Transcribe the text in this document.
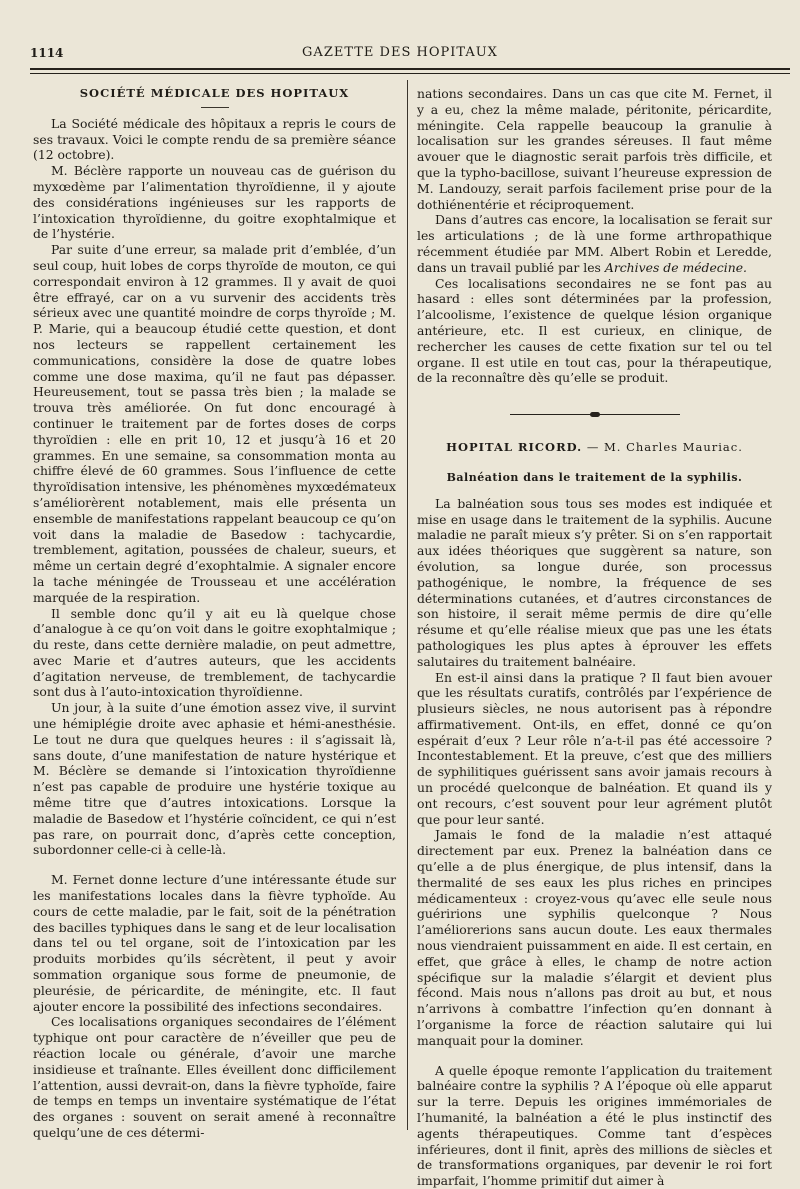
1114	GAZETTE DES HOPITAUX
SOCIÉTÉ MÉDICALE DES HOPITAUX

La Société médicale des hôpitaux a repris le cours de ses travaux. Voici le compte rendu de sa première séance (12 octobre).

M. Béclère rapporte un nouveau cas de guérison du myxœdème par l’alimentation thyroïdienne, il y ajoute des considérations ingénieuses sur les rapports de l’intoxication thyroïdienne, du goitre exophtalmique et de l’hystérie.

Par suite d’une erreur, sa malade prit d’emblée, d’un seul coup, huit lobes de corps thyroïde de mouton, ce qui correspondait environ à 12 grammes. Il y avait de quoi être effrayé, car on a vu survenir des accidents très sérieux avec une quantité moindre de corps thyroïde ; M. P. Marie, qui a beaucoup étudié cette question, et dont nos lecteurs se rappellent certainement les communications, considère la dose de quatre lobes comme une dose maxima, qu’il ne faut pas dépasser. Heureusement, tout se passa très bien ; la malade se trouva très améliorée. On fut donc encouragé à continuer le traitement par de fortes doses de corps thyroïdien : elle en prit 10, 12 et jusqu’à 16 et 20 grammes. En une semaine, sa consommation monta au chiffre élevé de 60 grammes. Sous l’influence de cette thyroïdisation intensive, les phénomènes myxœdémateux s’améliorèrent notablement, mais elle présenta un ensemble de manifestations rappelant beaucoup ce qu’on voit dans la maladie de Basedow : tachycardie, tremblement, agitation, poussées de chaleur, sueurs, et même un certain degré d’exophtalmie. A signaler encore la tache méningée de Trousseau et une accélération marquée de la respiration.

Il semble donc qu’il y ait eu là quelque chose d’analogue à ce qu’on voit dans le goitre exophtalmique ; du reste, dans cette dernière maladie, on peut admettre, avec Marie et d’autres auteurs, que les accidents d’agitation nerveuse, de tremblement, de tachycardie sont dus à l’auto-intoxication thyroïdienne.

Un jour, à la suite d’une émotion assez vive, il survint une hémiplégie droite avec aphasie et hémi-anesthésie. Le tout ne dura que quelques heures : il s’agissait là, sans doute, d’une manifestation de nature hystérique et M. Béclère se demande si l’intoxication thyroïdienne n’est pas capable de produire une hystérie toxique au même titre que d’autres intoxications. Lorsque la maladie de Basedow et l’hystérie coïncident, ce qui n’est pas rare, on pourrait donc, d’après cette conception, subordonner celle-ci à celle-là.

M. Fernet donne lecture d’une intéressante étude sur les manifestations locales dans la fièvre typhoïde. Au cours de cette maladie, par le fait, soit de la pénétration des bacilles typhiques dans le sang et de leur localisation dans tel ou tel organe, soit de l’intoxication par les produits morbides qu’ils sécrètent, il peut y avoir sommation organique sous forme de pneumonie, de pleurésie, de péricardite, de méningite, etc. Il faut ajouter encore la possibilité des infections secondaires.

Ces localisations organiques secondaires de l’élément typhique ont pour caractère de n’éveiller que peu de réaction locale ou générale, d’avoir une marche insidieuse et traînante. Elles éveillent donc difficilement l’attention, aussi devrait-on, dans la fièvre typhoïde, faire de temps en temps un inventaire systématique de l’état des organes : souvent on serait amené à reconnaître quelqu’une de ces détermi-

nations secondaires. Dans un cas que cite M. Fernet, il y a eu, chez la même malade, péritonite, péricardite, méningite. Cela rappelle beaucoup la granulie à localisation sur les grandes séreuses. Il faut même avouer que le diagnostic serait parfois très difficile, et que la typho-bacillose, suivant l’heureuse expression de M. Landouzy, serait parfois facilement prise pour de la dothiénentérie et réciproquement.

Dans d’autres cas encore, la localisation se ferait sur les articulations ; de là une forme arthropathique récemment étudiée par MM. Albert Robin et Leredde, dans un travail publié par les Archives de médecine.

Ces localisations secondaires ne se font pas au hasard : elles sont déterminées par la profession, l’alcoolisme, l’existence de quelque lésion organique antérieure, etc. Il est curieux, en clinique, de rechercher les causes de cette fixation sur tel ou tel organe. Il est utile en tout cas, pour la thérapeutique, de la reconnaître dès qu’elle se produit.

HOPITAL RICORD. — M. Charles Mauriac.
Balnéation dans le traitement de la syphilis.

La balnéation sous tous ses modes est indiquée et mise en usage dans le traitement de la syphilis. Aucune maladie ne paraît mieux s’y prêter. Si on s’en rapportait aux idées théoriques que suggèrent sa nature, son évolution, sa longue durée, son processus pathogénique, le nombre, la fréquence de ses déterminations cutanées, et d’autres circonstances de son histoire, il serait même permis de dire qu’elle résume et qu’elle réalise mieux que pas une les états pathologiques les plus aptes à éprouver les effets salutaires du traitement balnéaire.

En est-il ainsi dans la pratique ? Il faut bien avouer que les résultats curatifs, contrôlés par l’expérience de plusieurs siècles, ne nous autorisent pas à répondre affirmativement. Ont-ils, en effet, donné ce qu’on espérait d’eux ? Leur rôle n’a-t-il pas été accessoire ? Incontestablement. Et la preuve, c’est que des milliers de syphilitiques guérissent sans avoir jamais recours à un procédé quelconque de balnéation. Et quand ils y ont recours, c’est souvent pour leur agrément plutôt que pour leur santé.

Jamais le fond de la maladie n’est attaqué directement par eux. Prenez la balnéation dans ce qu’elle a de plus énergique, de plus intensif, dans la thermalité de ses eaux les plus riches en principes médicamenteux : croyez-vous qu’avec elle seule nous guéririons une syphilis quelconque ? Nous l’améliorerions sans aucun doute. Les eaux thermales nous viendraient puissamment en aide. Il est certain, en effet, que grâce à elles, le champ de notre action spécifique sur la maladie s’élargit et devient plus fécond. Mais nous n’allons pas droit au but, et nous n’arrivons à combattre l’infection qu’en donnant à l’organisme la force de réaction salutaire qui lui manquait pour la dominer.

A quelle époque remonte l’application du traitement balnéaire contre la syphilis ? A l’époque où elle apparut sur la terre. Depuis les origines immémoriales de l’humanité, la balnéation a été le plus instinctif des agents thérapeutiques. Comme tant d’espèces inférieures, dont il finit, après des millions de siècles et de transformations organiques, par devenir le roi fort imparfait, l’homme primitif dut aimer à
